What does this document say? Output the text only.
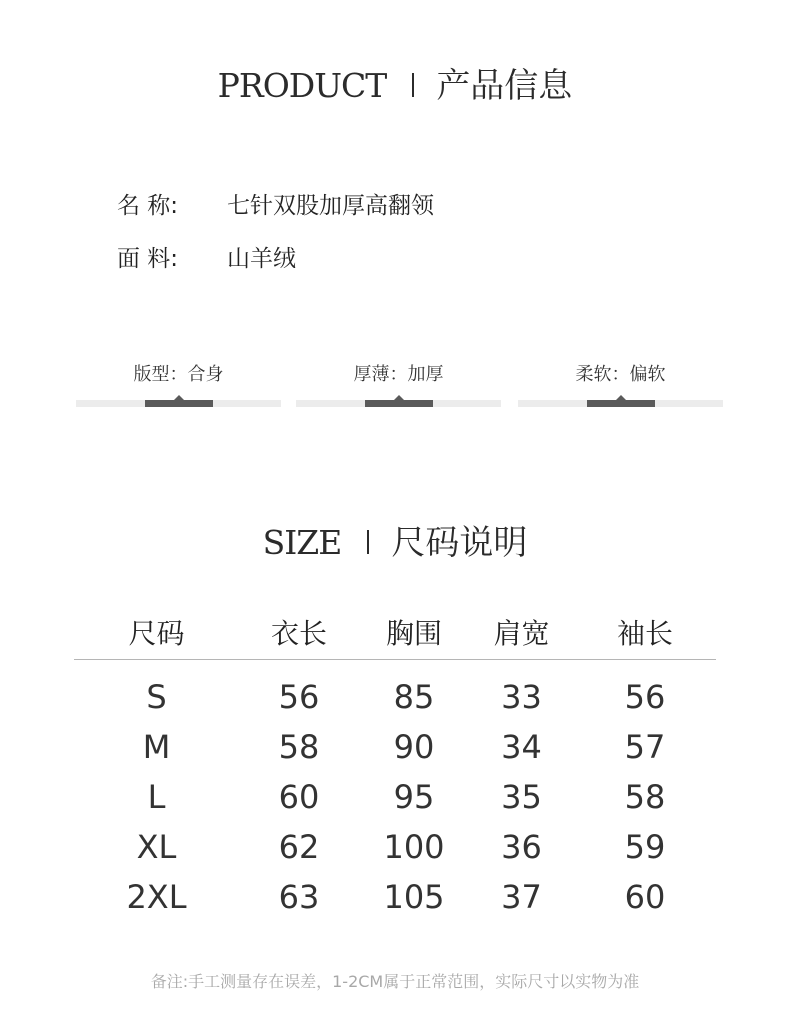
PRODUCT 产品信息
名 称:	七针双股加厚高翻领
面 料:	山羊绒
版型：合身	厚薄：加厚	柔软：偏软
SIZE 尺码说明
尺码	衣长	胸围	肩宽	袖长
S	56	85	33	56
M	58	90	34	57
L	60	95	35	58
XL	62	100	36	59
2XL	63	105	37	60
备注:手工测量存在误差，1-2CM属于正常范围，实际尺寸以实物为准
